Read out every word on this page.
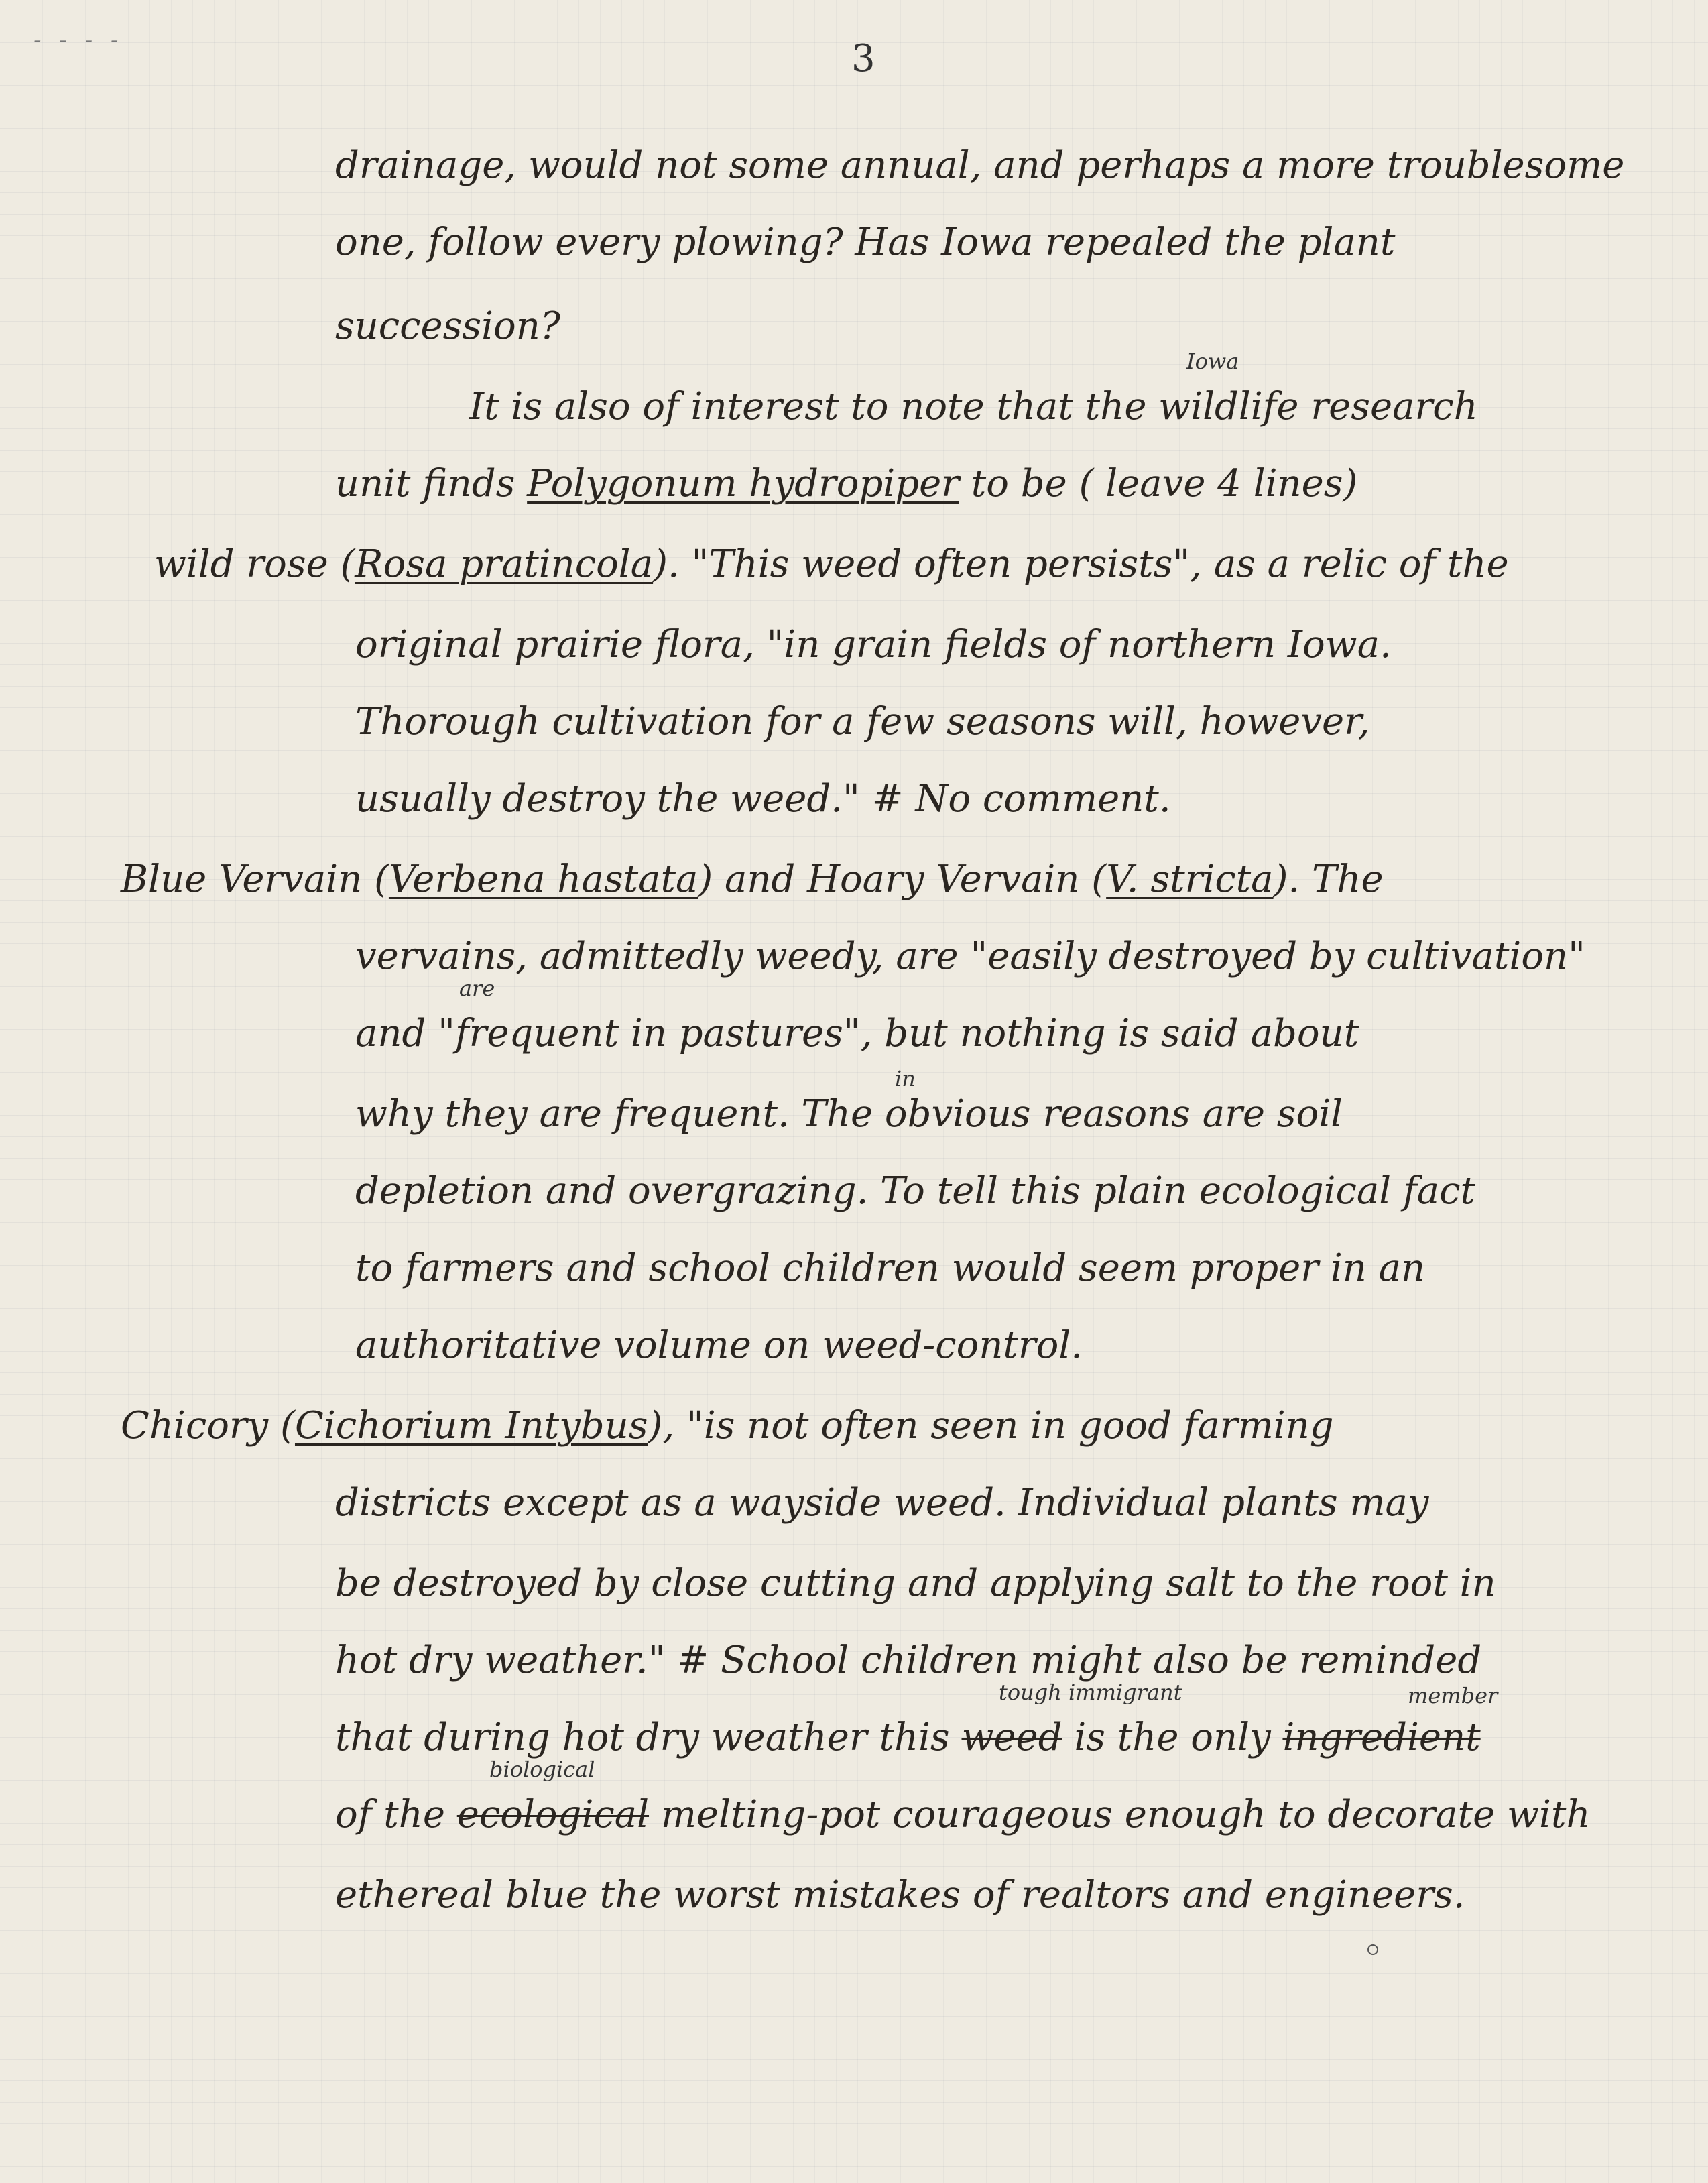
- - - -	3
drainage, would not some annual, and perhaps a more troublesome
one, follow every plowing? Has Iowa repealed the plant
succession?
Iowa
It is also of interest to note that the wildlife research
unit finds Polygonum hydropiper to be ( leave 4 lines)
wild rose (Rosa pratincola). "This weed often persists", as a relic of the
original prairie flora, "in grain fields of northern Iowa.
Thorough cultivation for a few seasons will, however,
usually destroy the weed." # No comment.
Blue Vervain (Verbena hastata) and Hoary Vervain (V. stricta). The
vervains, admittedly weedy, are "easily destroyed by cultivation"
are
and "frequent in pastures", but nothing is said about
in
why they are frequent. The obvious reasons are soil
depletion and overgrazing. To tell this plain ecological fact
to farmers and school children would seem proper in an
authoritative volume on weed-control.
Chicory (Cichorium Intybus), "is not often seen in good farming
districts except as a wayside weed. Individual plants may
be destroyed by close cutting and applying salt to the root in
hot dry weather." # School children might also be reminded
tough immigrant	member
that during hot dry weather this weed is the only ingredient
biological
of the ecological melting-pot courageous enough to decorate with
ethereal blue the worst mistakes of realtors and engineers.
